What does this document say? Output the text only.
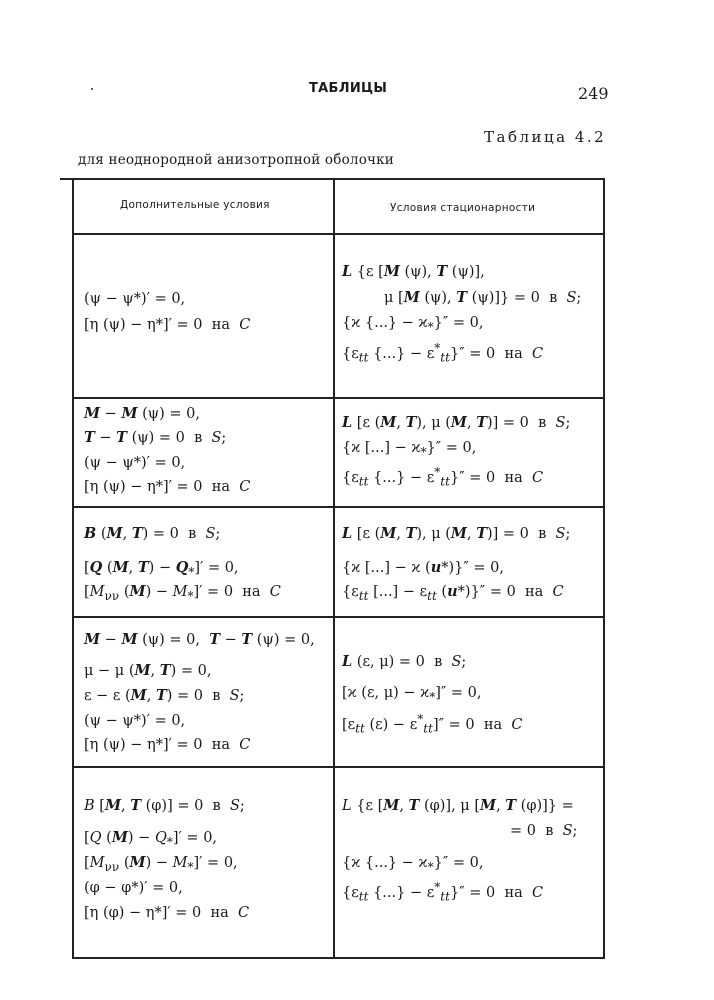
ТАБЛИЦЫ	249
Таблица 4.2
для неоднородной анизотропной оболочки
Дополнительные условия	Условия стационарности
(ψ − ψ*)′ = 0,
[η (ψ) − η*]′ = 0  на  C
L {ε [M (ψ), T (ψ)],
μ [M (ψ), T (ψ)]} = 0  в  S;
{ϰ {...} − $ϰ_*\}'' = 0$,
{$\varepsilon_{tt}$ {...} − $\varepsilon^*_{tt}\}'' = 0$  на  C
M − M (ψ) = 0,
T − T (ψ) = 0  в  S;
(ψ − ψ*)′ = 0,
[η (ψ) − η*]′ = 0  на  C
L [ε (M, T), μ (M, T)] = 0  в  S;
{ϰ [...] − $ϰ_*\}'' = 0$,
{$\varepsilon_{tt}$ {...} − $\varepsilon^*_{tt}\}'' = 0$  на  C
B (M, T) = 0  в  S;
[Q (M, $T) - Q_*]' = 0$,
[$M_{\nu\nu}$ $(M) - M_*]' = 0$  на  C
L [ε (M, T), μ (M, T)] = 0  в  S;
{ϰ [...] − ϰ (u*)}″ = 0,
{$\varepsilon_{tt}$ [...] − $\varepsilon_{tt}$ (u*)}″ = 0  на  C
M − M (ψ) = 0,  T − T (ψ) = 0,
μ − μ (M, T) = 0,
ε − ε (M, T) = 0  в  S;
(ψ − ψ*)′ = 0,
[η (ψ) − η*]′ = 0  на  C
L (ε, μ) = 0  в  S;
[ϰ (ε, $\mu) - ϰ_*]'' = 0$,
[$\varepsilon_{tt}$ $(\varepsilon) - \varepsilon^*_{tt}]'' = 0$  на  C
B [M, T (φ)] = 0  в  S;
[Q $(M) - Q_*]' = 0$,
[$M_{\nu\nu}$ $(M) - M_*]' = 0$,
(φ − φ*)′ = 0,
[η (φ) − η*]′ = 0  на  C
L {ε [M, T (φ)], μ [M, T (φ)]} =
= 0  в  S;
{ϰ {...} − $ϰ_*\}'' = 0$,
{$\varepsilon_{tt}$ {...} − $\varepsilon^*_{tt}\}'' = 0$  на  C
